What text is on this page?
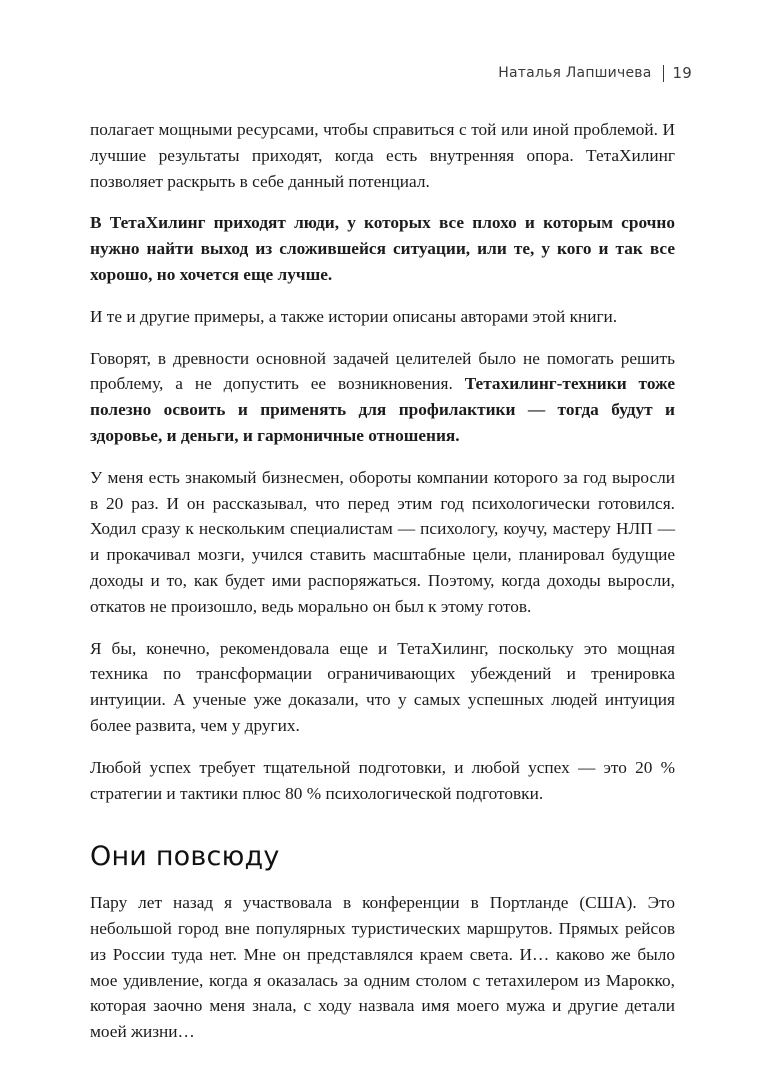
Наталья Лапшичева 19

полагает мощными ресурсами, чтобы справиться с той или иной проблемой. И лучшие результаты приходят, когда есть внутренняя опора. ТетаХилинг позволяет раскрыть в себе данный потенциал.

В ТетаХилинг приходят люди, у которых все плохо и которым срочно нужно найти выход из сложившейся ситуации, или те, у кого и так все хорошо, но хочется еще лучше.

И те и другие примеры, а также истории описаны авторами этой книги.

Говорят, в древности основной задачей целителей было не помогать решить проблему, а не допустить ее возникновения. Тетахилинг-техники тоже полезно освоить и применять для профилактики — тогда будут и здоровье, и деньги, и гармоничные отношения.

У меня есть знакомый бизнесмен, обороты компании которого за год выросли в 20 раз. И он рассказывал, что перед этим год психологически готовился. Ходил сразу к нескольким специалистам — психологу, коучу, мастеру НЛП — и прокачивал мозги, учился ставить масштабные цели, планировал будущие доходы и то, как будет ими распоряжаться. Поэтому, когда доходы выросли, откатов не произошло, ведь морально он был к этому готов.

Я бы, конечно, рекомендовала еще и ТетаХилинг, поскольку это мощная техника по трансформации ограничивающих убеждений и тренировка интуиции. А ученые уже доказали, что у самых успешных людей интуиция более развита, чем у других.

Любой успех требует тщательной подготовки, и любой успех — это 20 % стратегии и тактики плюс 80 % психологической подготовки.

Они повсюду

Пару лет назад я участвовала в конференции в Портланде (США). Это небольшой город вне популярных туристических маршрутов. Прямых рейсов из России туда нет. Мне он представлялся краем света. И… каково же было мое удивление, когда я оказалась за одним столом с тетахилером из Марокко, которая заочно меня знала, с ходу назвала имя моего мужа и другие детали моей жизни…
